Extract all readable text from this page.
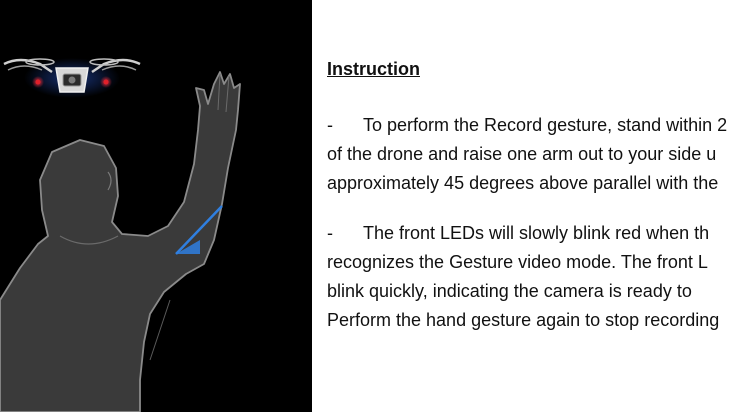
Instruction
- To perform the Record gesture, stand within 2
of the drone and raise one arm out to your side u
approximately 45 degrees above parallel with the
- The front LEDs will slowly blink red when th
recognizes the Gesture video mode. The front L
blink quickly, indicating the camera is ready to
Perform the hand gesture again to stop recording
